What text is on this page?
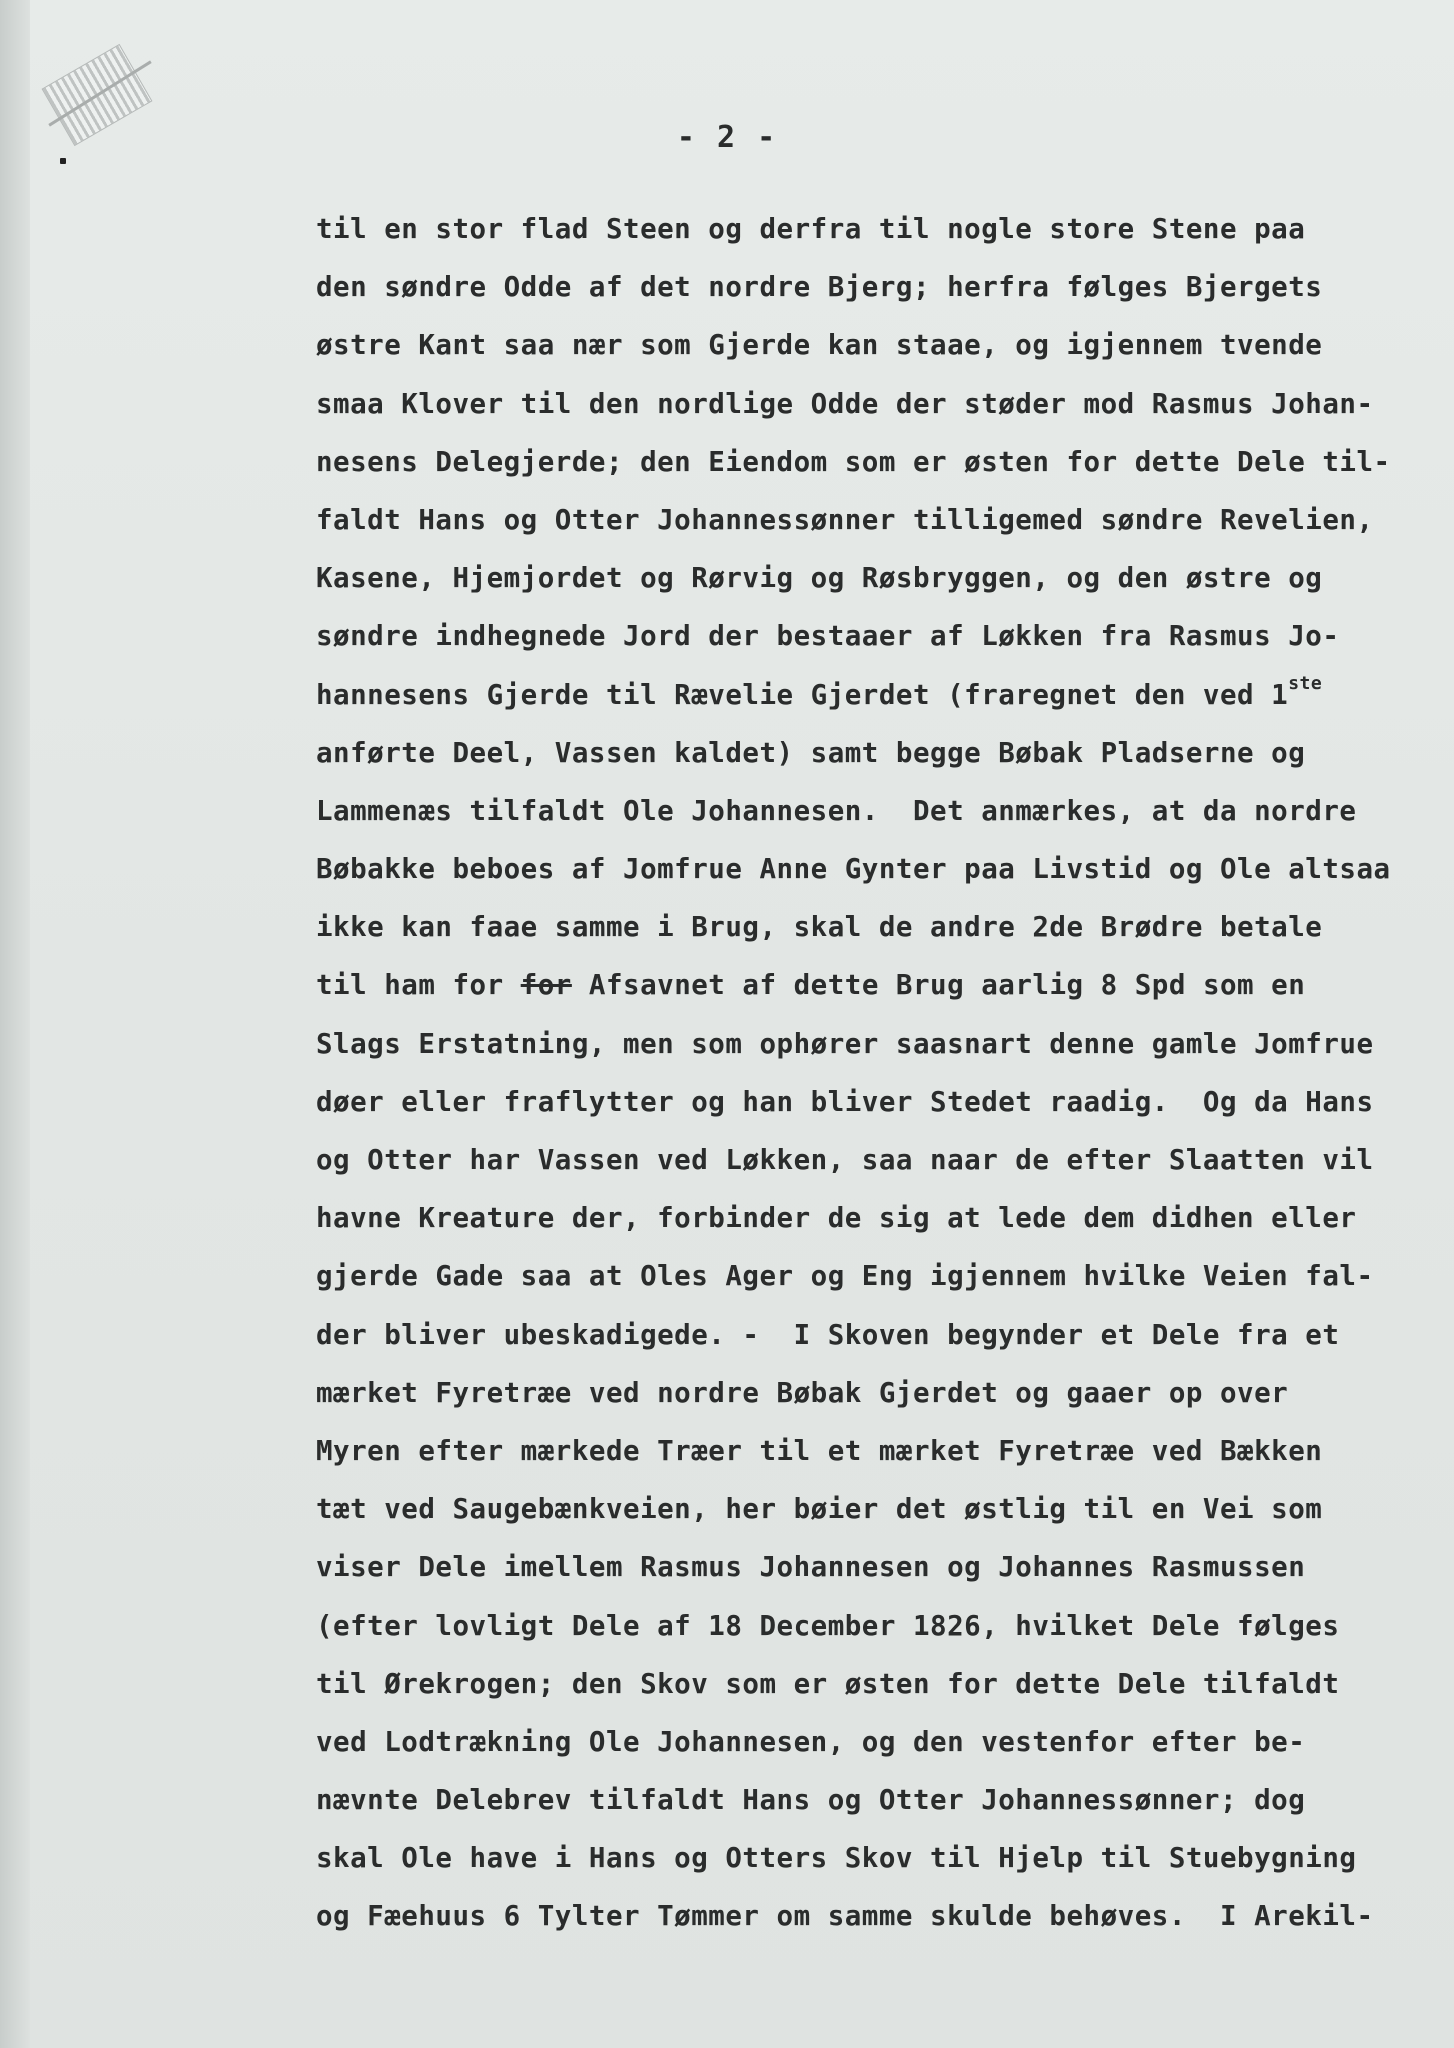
- 2 -
til en stor flad Steen og derfra til nogle store Stene paa
den søndre Odde af det nordre Bjerg; herfra følges Bjergets
østre Kant saa nær som Gjerde kan staae, og igjennem tvende
smaa Klover til den nordlige Odde der støder mod Rasmus Johan-
nesens Delegjerde; den Eiendom som er østen for dette Dele til-
faldt Hans og Otter Johannessønner tilligemed søndre Revelien,
Kasene, Hjemjordet og Rørvig og Røsbryggen, og den østre og
søndre indhegnede Jord der bestaaer af Løkken fra Rasmus Jo-
hannesens Gjerde til Rævelie Gjerdet (fraregnet den ved 1ste
anførte Deel, Vassen kaldet) samt begge Bøbak Pladserne og
Lammenæs tilfaldt Ole Johannesen.  Det anmærkes, at da nordre
Bøbakke beboes af Jomfrue Anne Gynter paa Livstid og Ole altsaa
ikke kan faae samme i Brug, skal de andre 2de Brødre betale
til ham for for Afsavnet af dette Brug aarlig 8 Spd som en
Slags Erstatning, men som ophører saasnart denne gamle Jomfrue
døer eller fraflytter og han bliver Stedet raadig.  Og da Hans
og Otter har Vassen ved Løkken, saa naar de efter Slaatten vil
havne Kreature der, forbinder de sig at lede dem didhen eller
gjerde Gade saa at Oles Ager og Eng igjennem hvilke Veien fal-
der bliver ubeskadigede. -  I Skoven begynder et Dele fra et
mærket Fyretræe ved nordre Bøbak Gjerdet og gaaer op over
Myren efter mærkede Træer til et mærket Fyretræe ved Bækken
tæt ved Saugebænkveien, her bøier det østlig til en Vei som
viser Dele imellem Rasmus Johannesen og Johannes Rasmussen
(efter lovligt Dele af 18 December 1826, hvilket Dele følges
til Ørekrogen; den Skov som er østen for dette Dele tilfaldt
ved Lodtrækning Ole Johannesen, og den vestenfor efter be-
nævnte Delebrev tilfaldt Hans og Otter Johannessønner; dog
skal Ole have i Hans og Otters Skov til Hjelp til Stuebygning
og Fæehuus 6 Tylter Tømmer om samme skulde behøves.  I Arekil-
